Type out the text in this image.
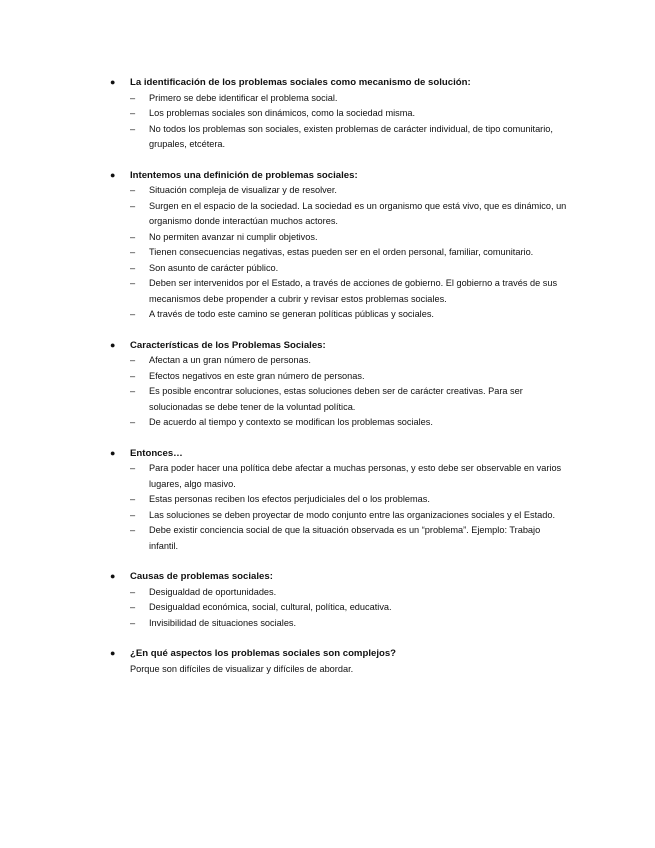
● La identificación de los problemas sociales como mecanismo de solución:
– Primero se debe identificar el problema social.
– Los problemas sociales son dinámicos, como la sociedad misma.
– No todos los problemas son sociales, existen problemas de carácter individual, de tipo comunitario, grupales, etcétera.
● Intentemos una definición de problemas sociales:
– Situación compleja de visualizar y de resolver.
– Surgen en el espacio de la sociedad. La sociedad es un organismo que está vivo, que es dinámico, un organismo donde interactúan muchos actores.
– No permiten avanzar ni cumplir objetivos.
– Tienen consecuencias negativas, estas pueden ser en el orden personal, familiar, comunitario.
– Son asunto de carácter público.
– Deben ser intervenidos por el Estado, a través de acciones de gobierno. El gobierno a través de sus mecanismos debe propender a cubrir y revisar estos problemas sociales.
– A través de todo este camino se generan políticas públicas y sociales.
● Características de los Problemas Sociales:
– Afectan a un gran número de personas.
– Efectos negativos en este gran número de personas.
– Es posible encontrar soluciones, estas soluciones deben ser de carácter creativas. Para ser solucionadas se debe tener de la voluntad política.
– De acuerdo al tiempo y contexto se modifican los problemas sociales.
● Entonces…
– Para poder hacer una política debe afectar a muchas personas, y esto debe ser observable en varios lugares, algo masivo.
– Estas personas reciben los efectos perjudiciales del o los problemas.
– Las soluciones se deben proyectar de modo conjunto entre las organizaciones sociales y el Estado.
– Debe existir conciencia social de que la situación observada es un “problema”. Ejemplo: Trabajo infantil.
● Causas de problemas sociales:
– Desigualdad de oportunidades.
– Desigualdad económica, social, cultural, política, educativa.
– Invisibilidad de situaciones sociales.
● ¿En qué aspectos los problemas sociales son complejos?
Porque son difíciles de visualizar y difíciles de abordar.
